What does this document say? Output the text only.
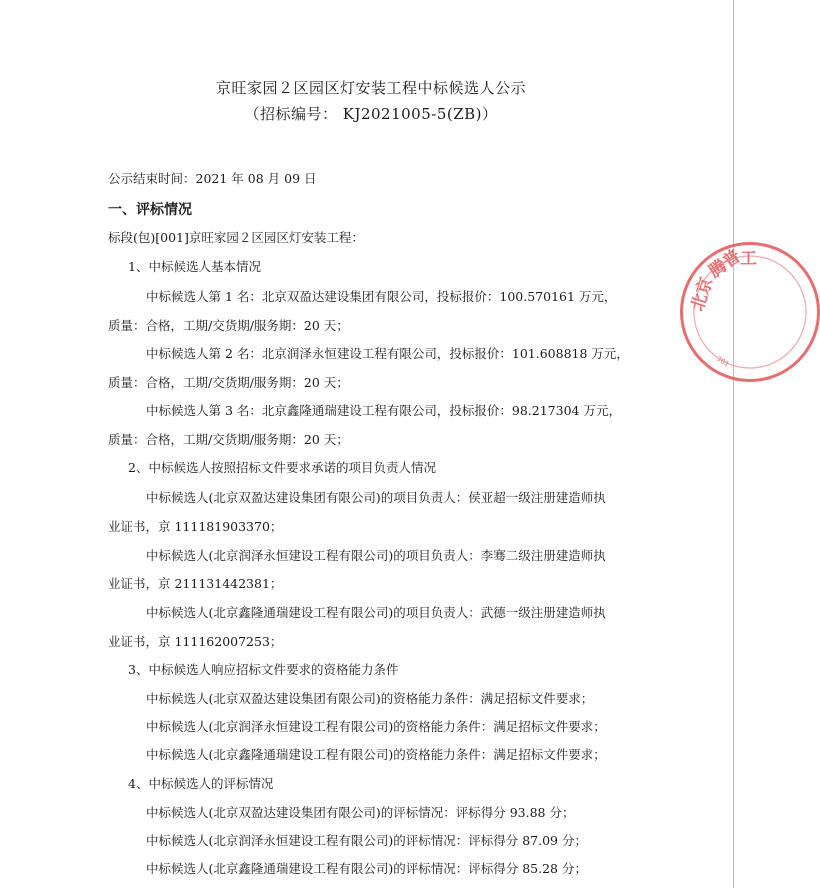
京旺家园２区园区灯安装工程中标候选人公示
（招标编号： KJ2021005-5(ZB)）
公示结束时间：2021 年 08 月 09 日
一、评标情况
标段(包)[001]京旺家园２区园区灯安装工程：
1、中标候选人基本情况
中标候选人第 1 名：北京双盈达建设集团有限公司，投标报价：100.570161 万元，
质量：合格，工期/交货期/服务期：20 天；
中标候选人第 2 名：北京润泽永恒建设工程有限公司，投标报价：101.608818 万元，
质量：合格，工期/交货期/服务期：20 天；
中标候选人第 3 名：北京鑫隆通瑞建设工程有限公司，投标报价：98.217304 万元，
质量：合格，工期/交货期/服务期：20 天；
2、中标候选人按照招标文件要求承诺的项目负责人情况
中标候选人(北京双盈达建设集团有限公司)的项目负责人：侯亚超一级注册建造师执
业证书，京 111181903370；
中标候选人(北京润泽永恒建设工程有限公司)的项目负责人：李骞二级注册建造师执
业证书，京 211131442381；
中标候选人(北京鑫隆通瑞建设工程有限公司)的项目负责人：武德一级注册建造师执
业证书，京 111162007253；
3、中标候选人响应招标文件要求的资格能力条件
中标候选人(北京双盈达建设集团有限公司)的资格能力条件：满足招标文件要求；
中标候选人(北京润泽永恒建设工程有限公司)的资格能力条件：满足招标文件要求；
中标候选人(北京鑫隆通瑞建设工程有限公司)的资格能力条件：满足招标文件要求；
4、中标候选人的评标情况
中标候选人(北京双盈达建设集团有限公司)的评标情况：评标得分 93.88 分；
中标候选人(北京润泽永恒建设工程有限公司)的评标情况：评标得分 87.09 分；
中标候选人(北京鑫隆通瑞建设工程有限公司)的评标情况：评标得分 85.28 分；
北京
腾普
工
301
